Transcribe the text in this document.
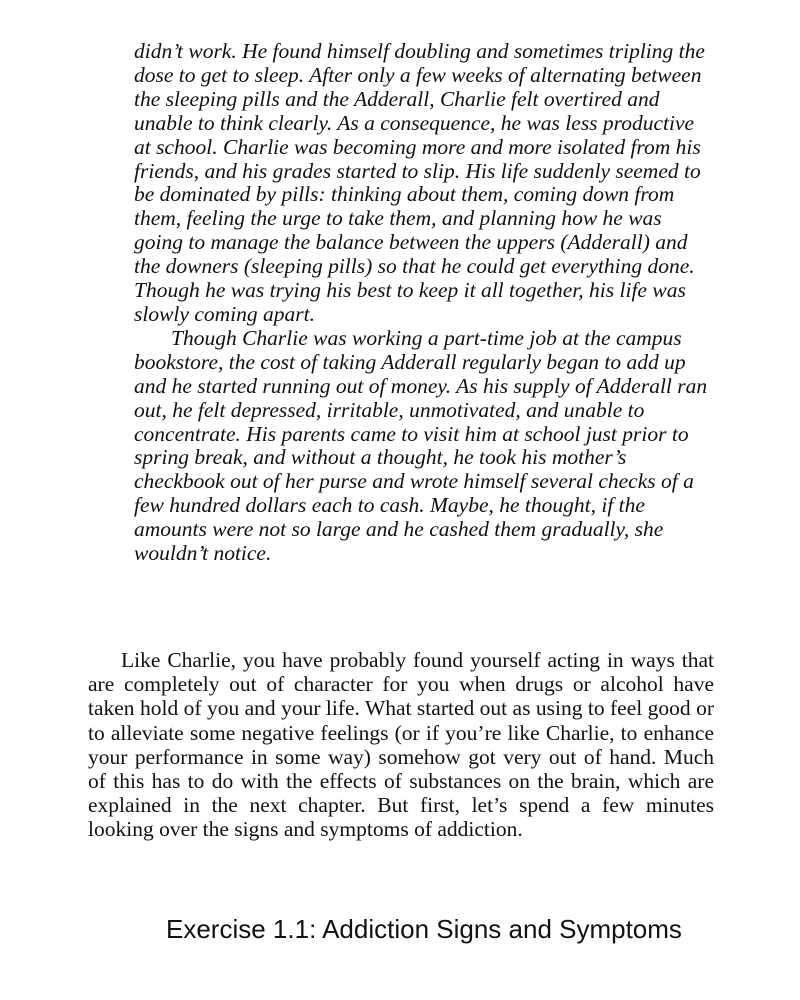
didn’t work. He found himself doubling and sometimes tripling the dose to get to sleep. After only a few weeks of alternating between the sleeping pills and the Adderall, Charlie felt overtired and unable to think clearly. As a consequence, he was less productive at school. Charlie was becoming more and more isolated from his friends, and his grades started to slip. His life suddenly seemed to be dominated by pills: thinking about them, coming down from them, feeling the urge to take them, and planning how he was going to manage the balance between the uppers (Adderall) and the downers (sleeping pills) so that he could get everything done. Though he was trying his best to keep it all together, his life was slowly coming apart.

Though Charlie was working a part-time job at the campus bookstore, the cost of taking Adderall regularly began to add up and he started running out of money. As his supply of Adderall ran out, he felt depressed, irritable, unmotivated, and unable to concentrate. His parents came to visit him at school just prior to spring break, and without a thought, he took his mother’s checkbook out of her purse and wrote himself several checks of a few hundred dollars each to cash. Maybe, he thought, if the amounts were not so large and he cashed them gradually, she wouldn’t notice.

Like Charlie, you have probably found yourself acting in ways that are completely out of character for you when drugs or alcohol have taken hold of you and your life. What started out as using to feel good or to alleviate some negative feelings (or if you’re like Charlie, to enhance your performance in some way) somehow got very out of hand. Much of this has to do with the effects of substances on the brain, which are explained in the next chapter. But first, let’s spend a few minutes looking over the signs and symptoms of addiction.

Exercise 1.1: Addiction Signs and Symptoms
